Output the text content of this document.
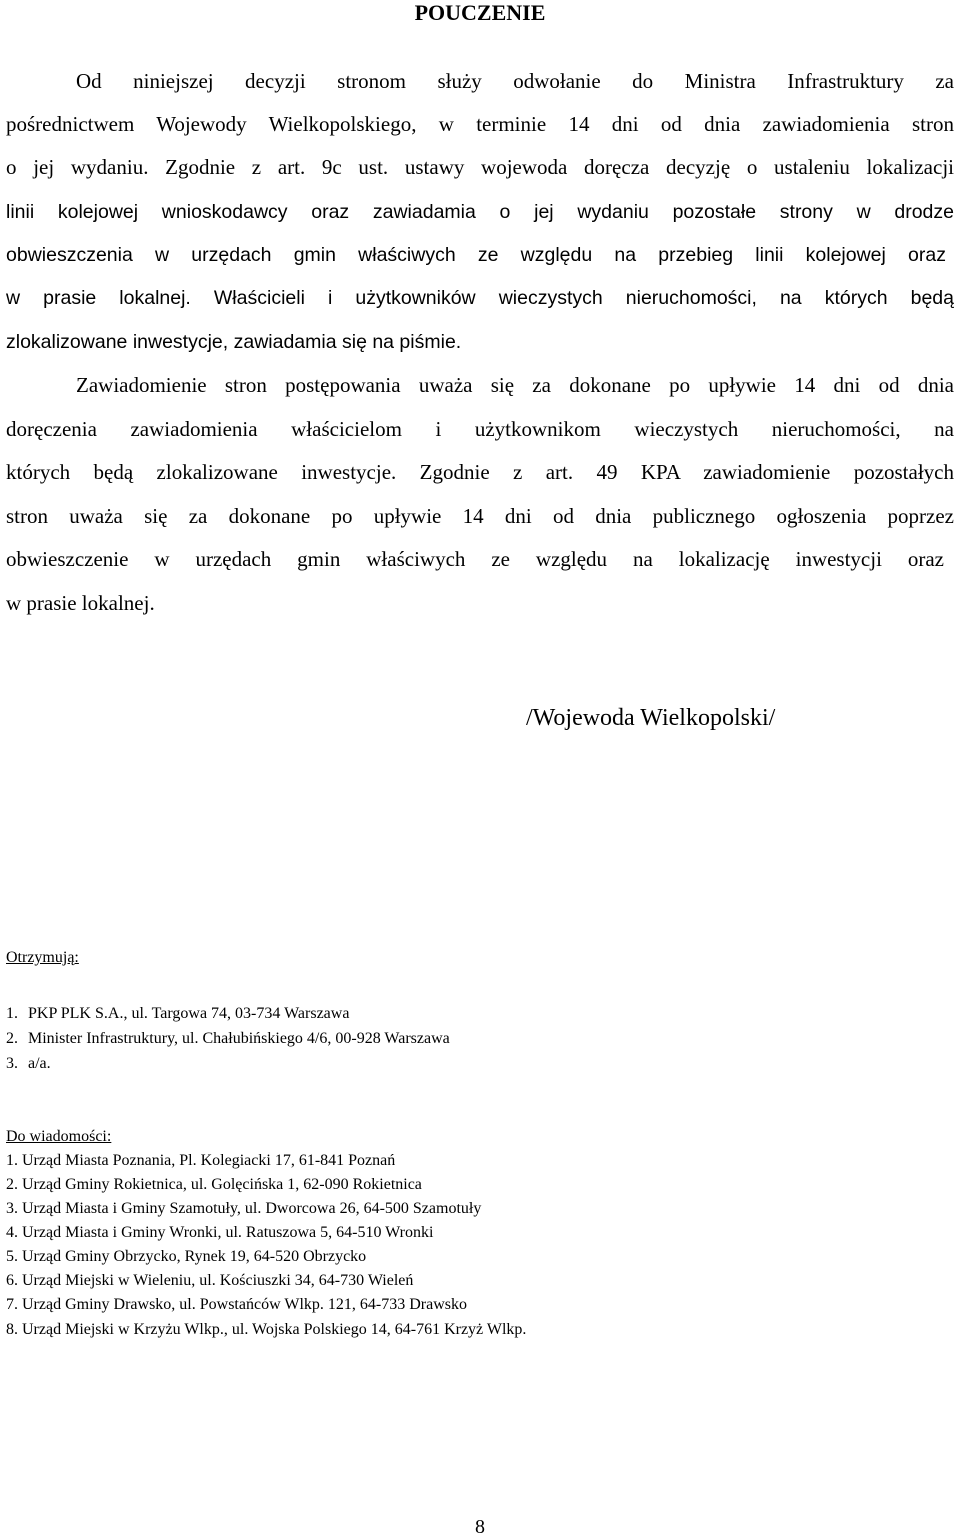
POUCZENIE
Od niniejszej decyzji stronom służy odwołanie do Ministra Infrastruktury za
pośrednictwem Wojewody Wielkopolskiego, w terminie 14 dni od dnia zawiadomienia stron
o jej wydaniu. Zgodnie z art. 9c ust. ustawy wojewoda doręcza decyzję o ustaleniu lokalizacji
linii kolejowej wnioskodawcy oraz zawiadamia o jej wydaniu pozostałe strony w drodze
obwieszczenia w urzędach gmin właściwych ze względu na przebieg linii kolejowej oraz
w prasie lokalnej. Właścicieli i użytkowników wieczystych nieruchomości, na których będą
zlokalizowane inwestycje, zawiadamia się na piśmie.
Zawiadomienie stron postępowania uważa się za dokonane po upływie 14 dni od dnia
doręczenia zawiadomienia właścicielom i użytkownikom wieczystych nieruchomości, na
których będą zlokalizowane inwestycje. Zgodnie z art. 49 KPA zawiadomienie pozostałych
stron uważa się za dokonane po upływie 14 dni od dnia publicznego ogłoszenia poprzez
obwieszczenie w urzędach gmin właściwych ze względu na lokalizację inwestycji oraz
w prasie lokalnej.
/Wojewoda Wielkopolski/
Otrzymują:
1. PKP PLK S.A., ul. Targowa 74, 03-734 Warszawa
2. Minister Infrastruktury, ul. Chałubińskiego 4/6, 00-928 Warszawa
3. a/a.
Do wiadomości:
1. Urząd Miasta Poznania, Pl. Kolegiacki 17, 61-841 Poznań
2. Urząd Gminy Rokietnica, ul. Golęcińska 1, 62-090 Rokietnica
3. Urząd Miasta i Gminy Szamotuły, ul. Dworcowa 26, 64-500 Szamotuły
4. Urząd Miasta i Gminy Wronki, ul. Ratuszowa 5, 64-510 Wronki
5. Urząd Gminy Obrzycko, Rynek 19, 64-520 Obrzycko
6. Urząd Miejski w Wieleniu, ul. Kościuszki 34, 64-730 Wieleń
7. Urząd Gminy Drawsko, ul. Powstańców Wlkp. 121, 64-733 Drawsko
8. Urząd Miejski w Krzyżu Wlkp., ul. Wojska Polskiego 14, 64-761 Krzyż Wlkp.
8
